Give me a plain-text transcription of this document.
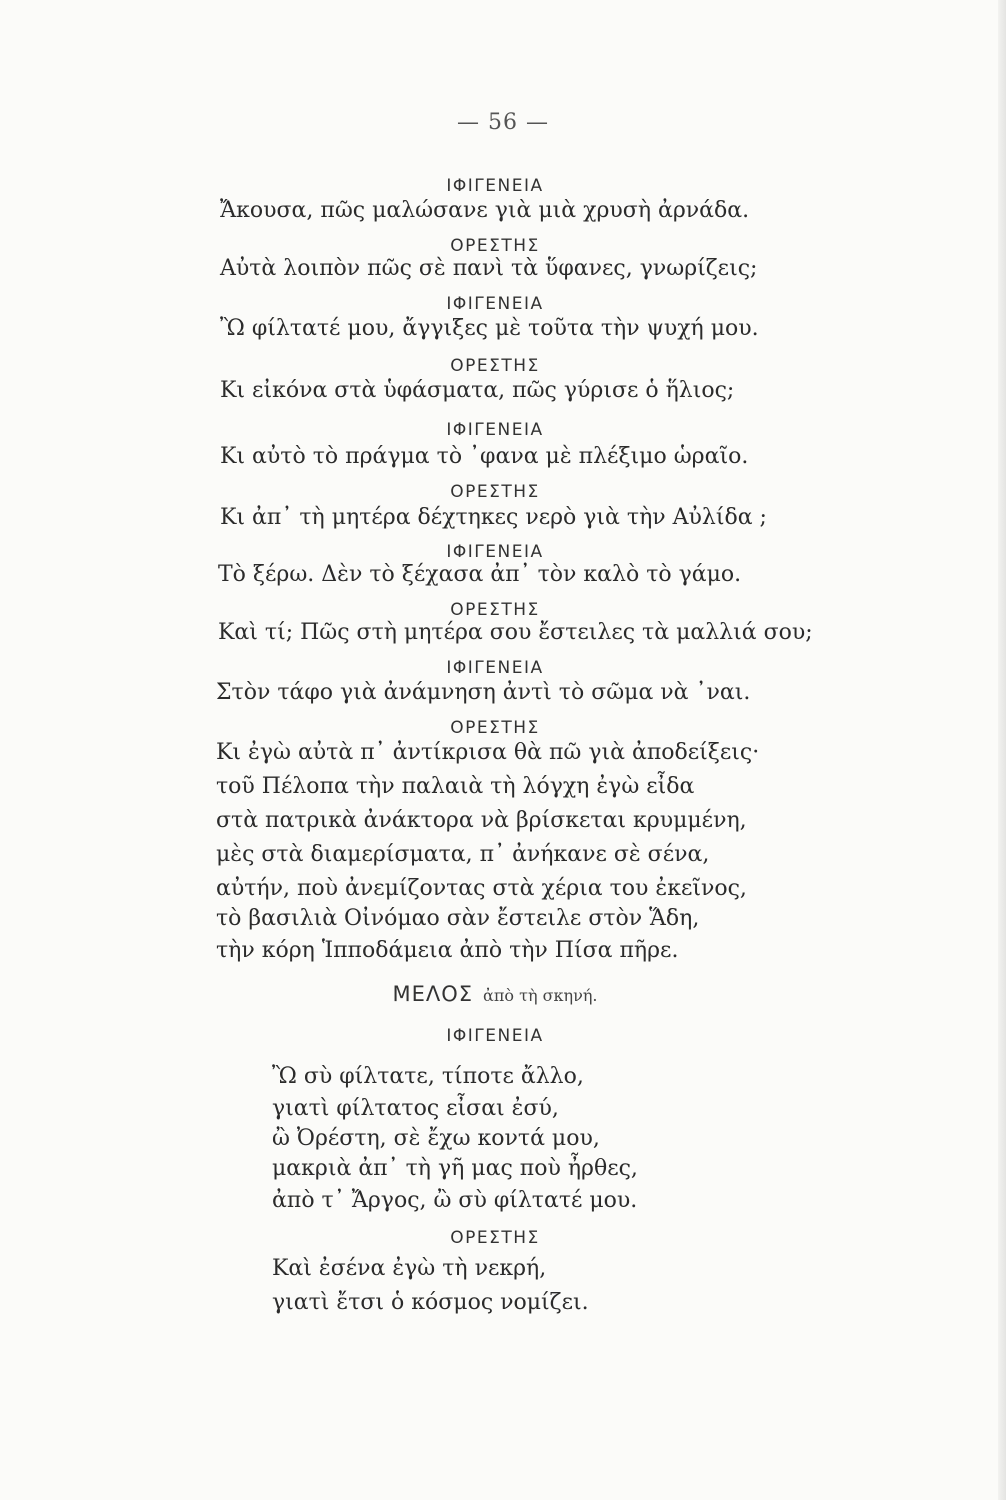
— 56 —
ΙΦΙΓΕΝΕΙΑ
Ἄκουσα, πῶς μαλώσανε γιὰ μιὰ χρυσὴ ἀρνάδα.
ΟΡΕΣΤΗΣ
Αὐτὰ λοιπὸν πῶς σὲ πανὶ τὰ ὕφανες, γνωρίζεις;
ΙΦΙΓΕΝΕΙΑ
Ὢ φίλτατέ μου, ἄγγιξες μὲ τοῦτα τὴν ψυχή μου.
ΟΡΕΣΤΗΣ
Κι εἰκόνα στὰ ὑφάσματα, πῶς γύρισε ὁ ἥλιος;
ΙΦΙΓΕΝΕΙΑ
Κι αὐτὸ τὸ πράγμα τὸ ᾽φανα μὲ πλέξιμο ὡραῖο.
ΟΡΕΣΤΗΣ
Κι ἀπ᾽ τὴ μητέρα δέχτηκες νερὸ γιὰ τὴν Αὐλίδα ;
ΙΦΙΓΕΝΕΙΑ
Τὸ ξέρω. Δὲν τὸ ξέχασα ἀπ᾽ τὸν καλὸ τὸ γάμο.
ΟΡΕΣΤΗΣ
Καὶ τί; Πῶς στὴ μητέρα σου ἔστειλες τὰ μαλλιά σου;
ΙΦΙΓΕΝΕΙΑ
Στὸν τάφο γιὰ ἀνάμνηση ἀντὶ τὸ σῶμα νὰ ᾽ναι.
ΟΡΕΣΤΗΣ
Κι ἐγὼ αὐτὰ π᾽ ἀντίκρισα θὰ πῶ γιὰ ἀποδείξεις·
τοῦ Πέλοπα τὴν παλαιὰ τὴ λόγχη ἐγὼ εἶδα
στὰ πατρικὰ ἀνάκτορα νὰ βρίσκεται κρυμμένη,
μὲς στὰ διαμερίσματα, π᾽ ἀνήκανε σὲ σένα,
αὐτήν, ποὺ ἀνεμίζοντας στὰ χέρια του ἐκεῖνος,
τὸ βασιλιὰ Οἰνόμαο σὰν ἔστειλε στὸν Ἅδη,
τὴν κόρη Ἱπποδάμεια ἀπὸ τὴν Πίσα πῆρε.
ΜΕΛΟΣ ἀπὸ τὴ σκηνή.
ΙΦΙΓΕΝΕΙΑ
Ὢ σὺ φίλτατε, τίποτε ἄλλο,
γιατὶ φίλτατος εἶσαι ἐσύ,
ὢ Ὀρέστη, σὲ ἔχω κοντά μου,
μακριὰ ἀπ᾽ τὴ γῆ μας ποὺ ἦρθες,
ἀπὸ τ᾽ Ἄργος, ὢ σὺ φίλτατέ μου.
ΟΡΕΣΤΗΣ
Καὶ ἐσένα ἐγὼ τὴ νεκρή,
γιατὶ ἔτσι ὁ κόσμος νομίζει.
